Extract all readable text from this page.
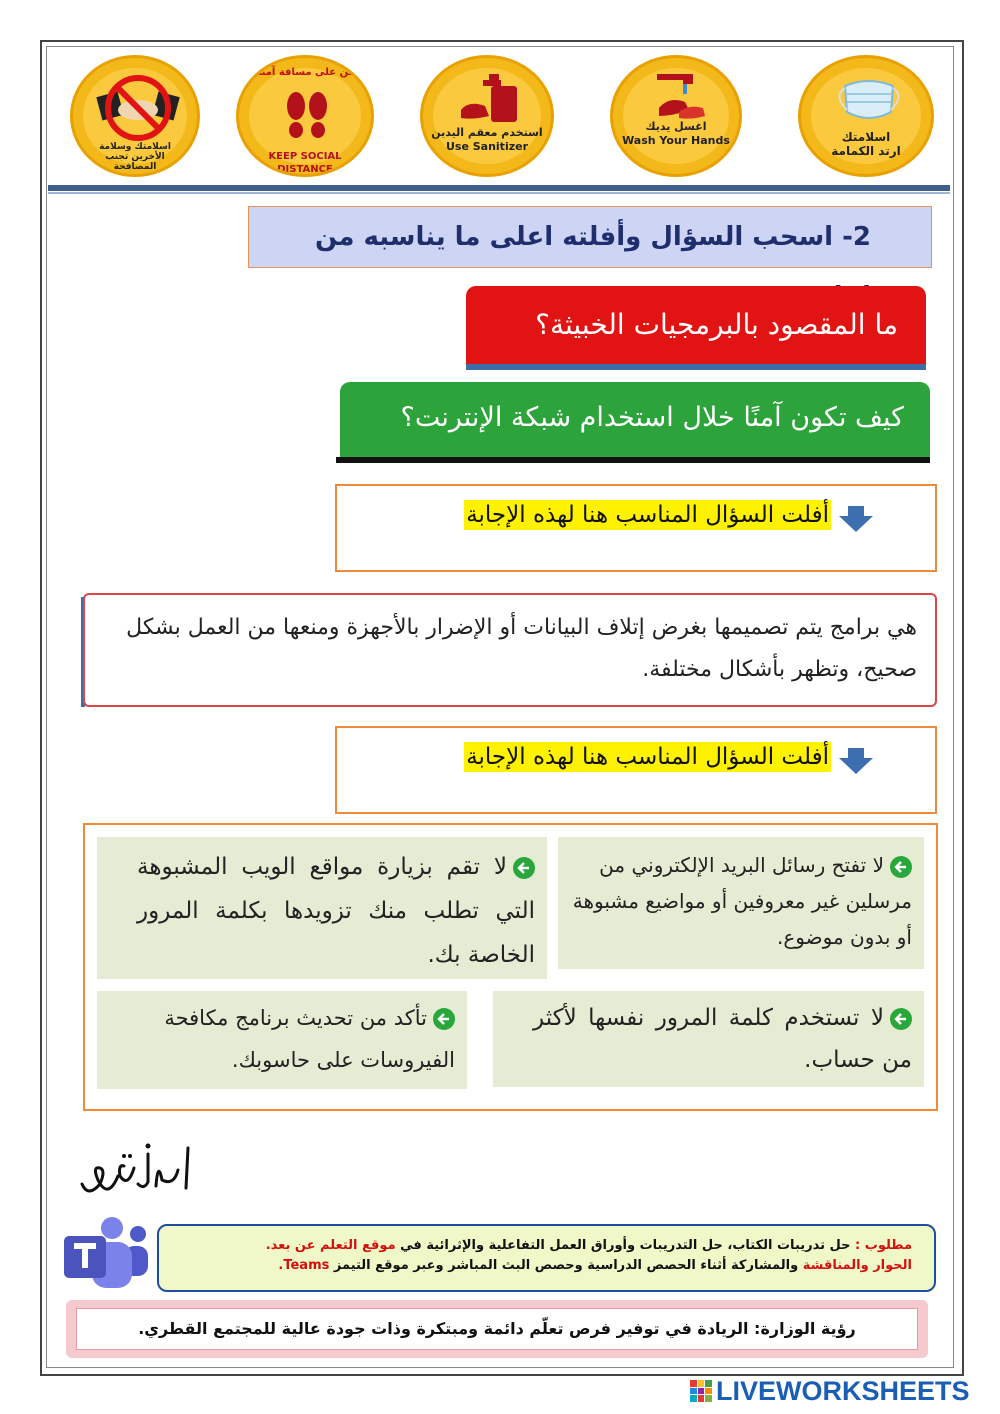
اسلامتك وسلامة الأخرين تجنب المصافحة
كن على مسافة آمنة
KEEP SOCIAL DISTANCE
استخدم معقم اليدين
Use Sanitizer
اغسل يديك
Wash Your Hands	اسلامتك ارتد الكمامة
2- اسحب السؤال وأفلته اعلى ما يناسبه من
ما المقصود بالبرمجيات الخبيثة؟
كيف تكون آمنًا خلال استخدام شبكة الإنترنت؟
أفلت السؤال المناسب هنا لهذه الإجابة
هي برامج يتم تصميمها بغرض إتلاف البيانات أو الإضرار بالأجهزة ومنعها من العمل بشكل صحيح، وتظهر بأشكال مختلفة.
أفلت السؤال المناسب هنا لهذه الإجابة
لا تفتح رسائل البريد الإلكتروني من مرسلين غير معروفين أو مواضيع مشبوهة أو بدون موضوع.
لا تقم بزيارة مواقع الويب المشبوهة التي تطلب منك تزويدها بكلمة المرور الخاصة بك.
لا تستخدم كلمة المرور نفسها لأكثر من حساب.
تأكد من تحديث برنامج مكافحة الفيروسات على حاسوبك.
مطلوب : حل تدريبات الكتاب، حل التدريبات وأوراق العمل التفاعلية والإثرائية في موقع التعلم عن بعد.
الحوار والمناقشة والمشاركة أثناء الحصص الدراسية وحصص البث المباشر وعبر موقع التيمز Teams.
رؤية الوزارة: الريادة في توفير فرص تعلّم دائمة ومبتكرة وذات جودة عالية للمجتمع القطري.
LIVEWORKSHEETS
